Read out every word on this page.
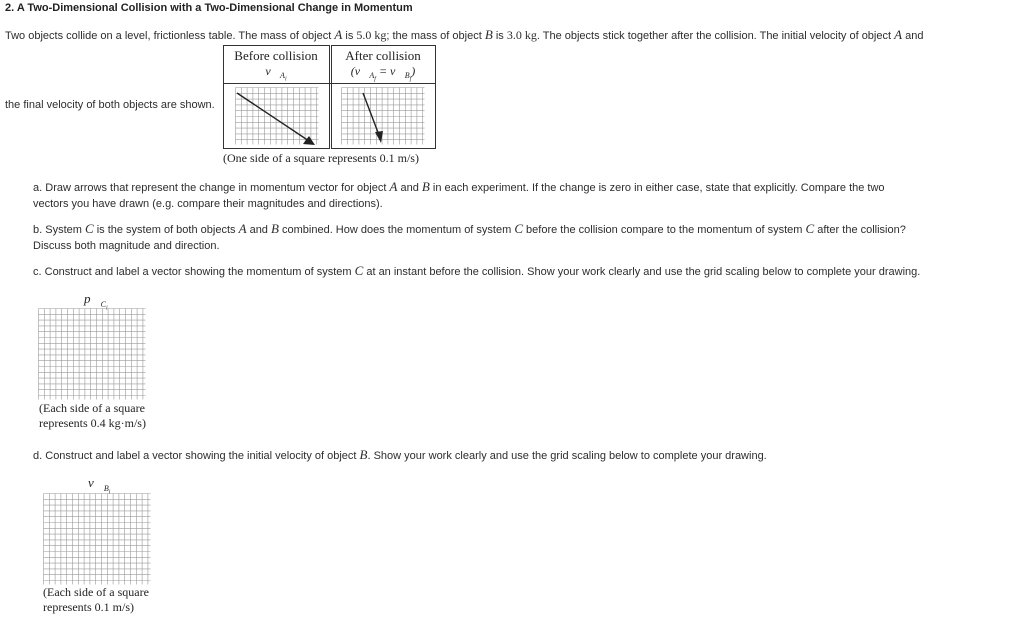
2. A Two-Dimensional Collision with a Two-Dimensional Change in Momentum
Two objects collide on a level, frictionless table. The mass of object A is 5.0 kg; the mass of object B is 3.0 kg. The objects stick together after the collision. The initial velocity of object A and
the final velocity of both objects are shown.
Before collision
$v⃗_{A_i}$
After collision
($v⃗_{A_f}$ = $v⃗_{B_f}$)
(One side of a square represents 0.1 m/s)
a. Draw arrows that represent the change in momentum vector for object A and B in each experiment. If the change is zero in either case, state that explicitly. Compare the two
vectors you have drawn (e.g. compare their magnitudes and directions).
b. System C is the system of both objects A and B combined. How does the momentum of system C before the collision compare to the momentum of system C after the collision?
Discuss both magnitude and direction.
c. Construct and label a vector showing the momentum of system C at an instant before the collision. Show your work clearly and use the grid scaling below to complete your drawing.
$p⃗_{C_i}$
(Each side of a square
represents 0.4 kg·m/s)
d. Construct and label a vector showing the initial velocity of object B. Show your work clearly and use the grid scaling below to complete your drawing.
$v⃗_{B_i}$
(Each side of a square
represents 0.1 m/s)
